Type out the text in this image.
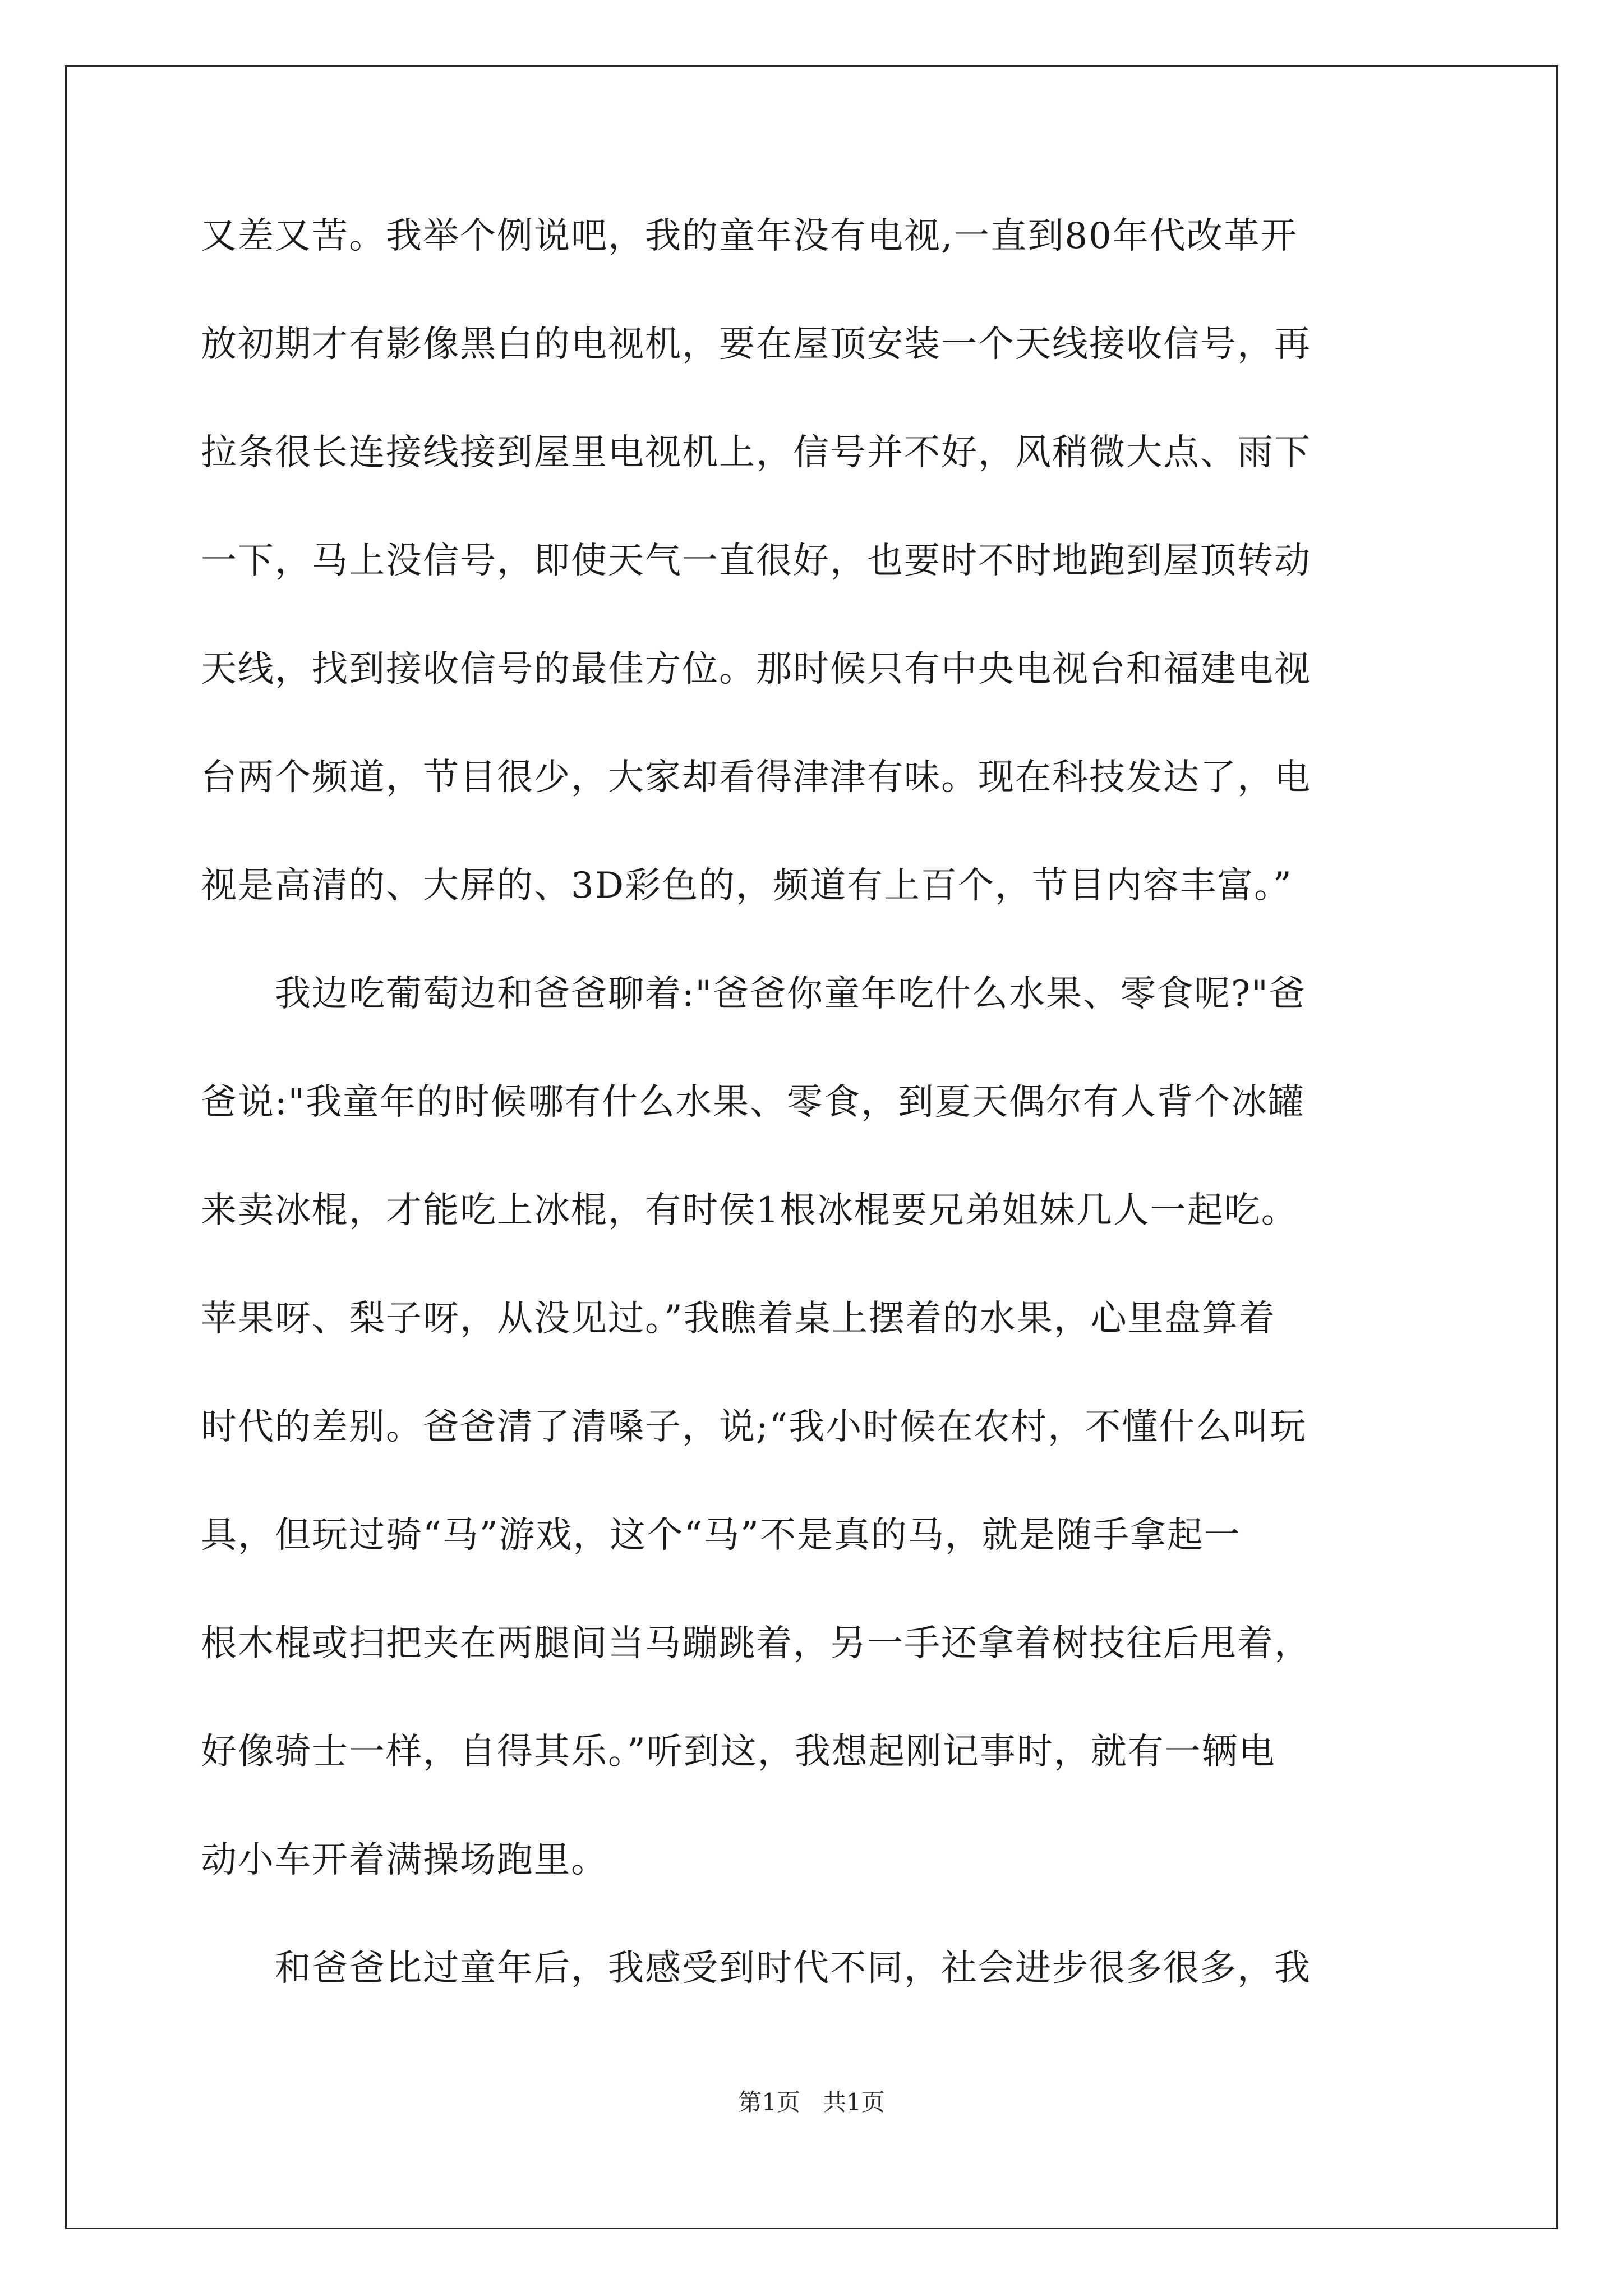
又差又苦。我举个例说吧，我的童年没有电视,一直到80年代改革开
放初期才有影像黑白的电视机，要在屋顶安装一个天线接收信号，再
拉条很长连接线接到屋里电视机上，信号并不好，风稍微大点、雨下
一下，马上没信号，即使天气一直很好，也要时不时地跑到屋顶转动
天线，找到接收信号的最佳方位。那时候只有中央电视台和福建电视
台两个频道，节目很少，大家却看得津津有味。现在科技发达了，电
视是高清的、大屏的、3D彩色的，频道有上百个，节目内容丰富。”
　　我边吃葡萄边和爸爸聊着:"爸爸你童年吃什么水果、零食呢?"爸
爸说:"我童年的时候哪有什么水果、零食，到夏天偶尔有人背个冰罐
来卖冰棍，才能吃上冰棍，有时侯1根冰棍要兄弟姐妹几人一起吃。
苹果呀、梨子呀，从没见过。”我瞧着桌上摆着的水果，心里盘算着
时代的差别。爸爸清了清嗓子，说;“我小时候在农村，不懂什么叫玩
具，但玩过骑“马”游戏，这个“马”不是真的马，就是随手拿起一
根木棍或扫把夹在两腿间当马蹦跳着，另一手还拿着树技往后甩着，
好像骑士一样，自得其乐。”听到这，我想起刚记事时，就有一辆电
动小车开着满操场跑里。
　　和爸爸比过童年后，我感受到时代不同，社会进步很多很多，我
第1页   共1页
